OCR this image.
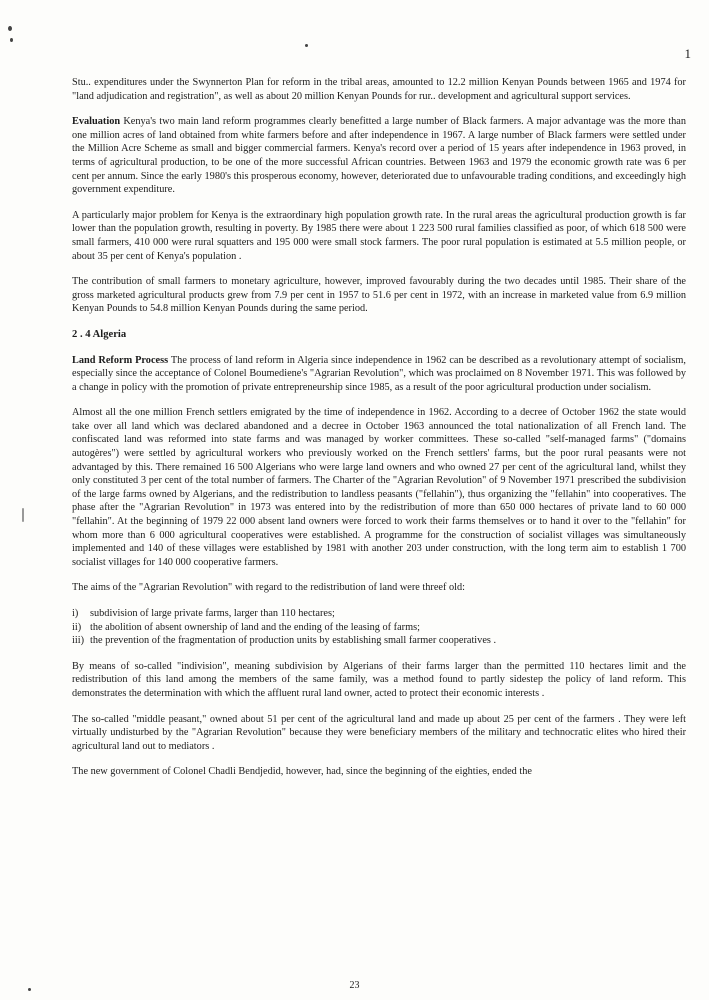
1

Stu.. expenditures under the Swynnerton Plan for reform in the tribal areas, amounted to 12.2 million Kenyan Pounds between 1965 and 1974 for "land adjudication and registration", as well as about 20 million Kenyan Pounds for rur.. development and agricultural support services.

Evaluation Kenya's two main land reform programmes clearly benefitted a large number of Black farmers. A major advantage was the more than one million acres of land obtained from white farmers before and after independence in 1967. A large number of Black farmers were settled under the Million Acre Scheme as small and bigger commercial farmers. Kenya's record over a period of 15 years after independence in 1963 proved, in terms of agricultural production, to be one of the more successful African countries. Between 1963 and 1979 the economic growth rate was 6 per cent per annum. Since the early 1980's this prosperous economy, however, deteriorated due to unfavourable trading conditions, and exceedingly high government expenditure.

A particularly major problem for Kenya is the extraordinary high population growth rate. In the rural areas the agricultural production growth is far lower than the population growth, resulting in poverty. By 1985 there were about 1 223 500 rural families classified as poor, of which 618 500 were small farmers, 410 000 were rural squatters and 195 000 were small stock farmers. The poor rural population is estimated at 5.5 million people, or about 35 per cent of Kenya's population .

The contribution of small farmers to monetary agriculture, however, improved favourably during the two decades until 1985. Their share of the gross marketed agricultural products grew from 7.9 per cent in 1957 to 51.6 per cent in 1972, with an increase in marketed value from 6.9 million Kenyan Pounds to 54.8 million Kenyan Pounds during the same period.

2 . 4 Algeria

Land Reform Process The process of land reform in Algeria since independence in 1962 can be described as a revolutionary attempt of socialism, especially since the acceptance of Colonel Boumediene's "Agrarian Revolution", which was proclaimed on 8 November 1971. This was followed by a change in policy with the promotion of private entrepreneurship since 1985, as a result of the poor agricultural production under socialism.

Almost all the one million French settlers emigrated by the time of independence in 1962. According to a decree of October 1962 the state would take over all land which was declared abandoned and a decree in October 1963 announced the total nationalization of all French land. The confiscated land was reformed into state farms and was managed by worker committees. These so-called "self-managed farms" ("domains autogères") were settled by agricultural workers who previously worked on the French settlers' farms, but the poor rural peasants were not advantaged by this. There remained 16 500 Algerians who were large land owners and who owned 27 per cent of the agricultural land, whilst they only constituted 3 per cent of the total number of farmers. The Charter of the "Agrarian Revolution" of 9 November 1971 prescribed the subdivision of the large farms owned by Algerians, and the redistribution to landless peasants ("fellahin"), thus organizing the "fellahin" into cooperatives. The phase after the "Agrarian Revolution" in 1973 was entered into by the redistribution of more than 650 000 hectares of private land to 60 000 "fellahin". At the beginning of 1979 22 000 absent land owners were forced to work their farms themselves or to hand it over to the "fellahin" for whom more than 6 000 agricultural cooperatives were established. A programme for the construction of socialist villages was simultaneously implemented and 140 of these villages were established by 1981 with another 203 under construction, with the long term aim to establish 1 700 socialist villages for 140 000 cooperative farmers.

The aims of the "Agrarian Revolution" with regard to the redistribution of land were threef old:

i)	subdivision of large private farms, larger than 110 hectares;
ii) the abolition of absent ownership of land and the ending of the leasing of farms;
iii) the prevention of the fragmentation of production units by establishing small farmer cooperatives .

By means of so-called "indivision", meaning subdivision by Algerians of their farms larger than the permitted 110 hectares limit and the redistribution of this land among the members of the same family, was a method found to partly sidestep the policy of land reform. This demonstrates the determination with which the affluent rural land owner, acted to protect their economic interests .

The so-called "middle peasant," owned about 51 per cent of the agricultural land and made up about 25 per cent of the farmers . They were left virtually undisturbed by the "Agrarian Revolution" because they were beneficiary members of the military and technocratic elites who hired their agricultural land out to mediators .

The new government of Colonel Chadli Bendjedid, however, had, since the beginning of the eighties, ended the

23
